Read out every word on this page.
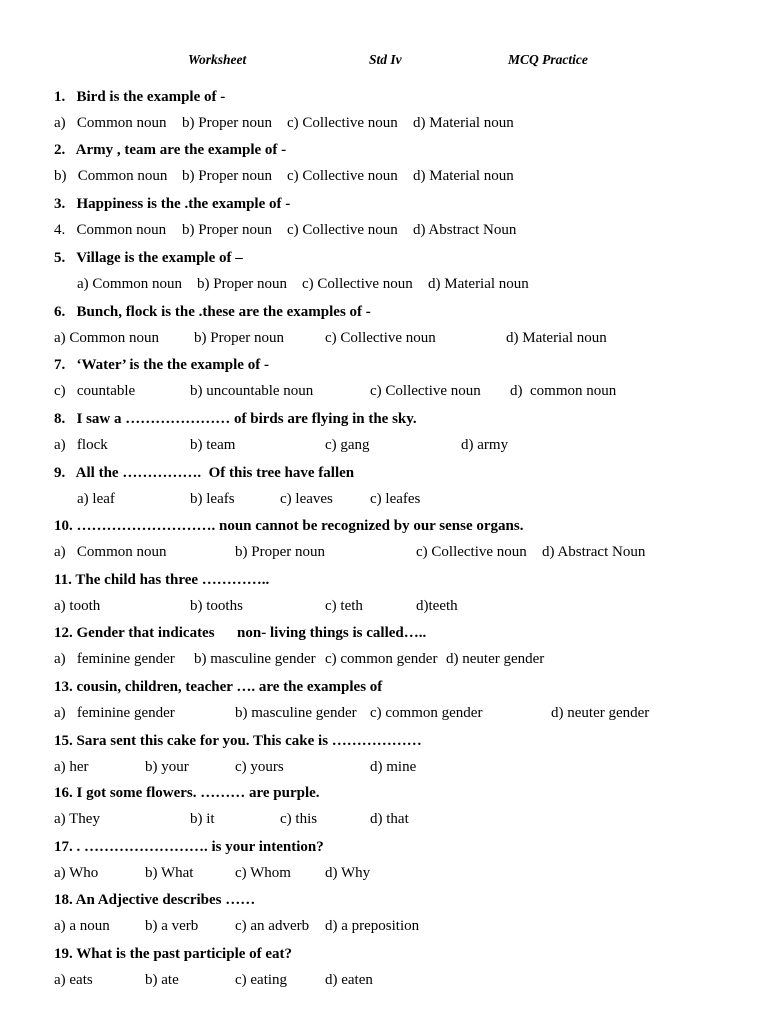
Worksheet	Std Iv	MCQ Practice
1.   Bird is the example of -
a)   Common noun b) Proper noun c) Collective noun d) Material noun
2.   Army , team are the example of -
b)   Common noun b) Proper noun c) Collective noun d) Material noun
3.   Happiness is the .the example of -
4.   Common noun b) Proper noun c) Collective noun d) Abstract Noun
5.   Village is the example of –
a) Common noun b) Proper noun c) Collective noun d) Material noun
6.   Bunch, flock is the .these are the examples of -
a) Common noun b) Proper noun	c) Collective noun	d) Material noun
7.   ‘Water’ is the the example of -
c)   countable	b) uncountable noun	c) Collective noun d)  common noun
8.   I saw a ………………… of birds are flying in the sky.
a)   flock	b) team	c) gang	d) army
9.   All the …………….  Of this tree have fallen
a) leaf	b) leafs	c) leaves c) leafes
10. ………………………. noun cannot be recognized by our sense organs.
a)   Common noun	b) Proper noun	c) Collective noun d) Abstract Noun
11. The child has three …………..
a) tooth	b) tooths	c) teth	d)teeth
12. Gender that indicates      non- living things is called…..
a)   feminine gender b) masculine gender c) common gender d) neuter gender
13. cousin, children, teacher …. are the examples of
a)   feminine gender	b) masculine gender c) common gender	d) neuter gender
15. Sara sent this cake for you. This cake is ………………
a) her	b) your	c) yours	d) mine
16. I got some flowers. ……… are purple.
a) They	b) it	c) this	d) that
17. . ……………………. is your intention?
a) Who	b) What	c) Whom d) Why
18. An Adjective describes ……
a) a noun b) a verb c) an adverb d) a preposition
19. What is the past participle of eat?
a) eats	b) ate	c) eating	d) eaten
